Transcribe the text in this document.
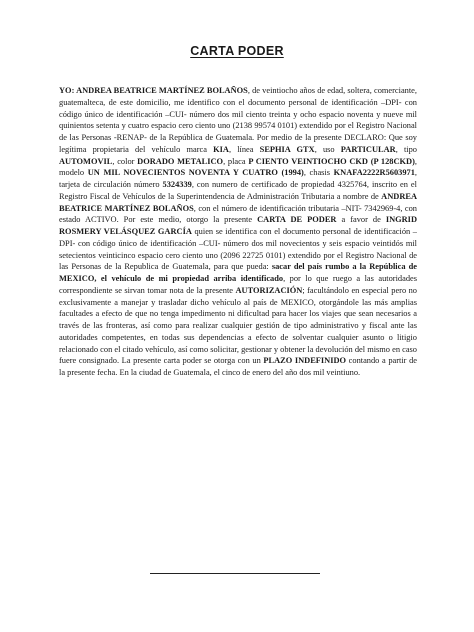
CARTA PODER

YO: ANDREA BEATRICE MARTÍNEZ BOLAÑOS, de veintiocho años de edad, soltera, comerciante, guatemalteca, de este domicilio, me identifico con el documento personal de identificación –DPI- con código único de identificación –CUI- número dos mil ciento treinta y ocho espacio noventa y nueve mil quinientos setenta y cuatro espacio cero ciento uno (2138 99574 0101) extendido por el Registro Nacional de las Personas -RENAP- de la República de Guatemala. Por medio de la presente DECLARO: Que soy legítima propietaria del vehículo marca KIA, línea SEPHIA GTX, uso PARTICULAR, tipo AUTOMOVIL, color DORADO METALICO, placa P CIENTO VEINTIOCHO CKD (P 128CKD), modelo UN MIL NOVECIENTOS NOVENTA Y CUATRO (1994), chasis KNAFA2222R5603971, tarjeta de circulación número 5324339, con numero de certificado de propiedad 4325764, inscrito en el Registro Fiscal de Vehículos de la Superintendencia de Administración Tributaria a nombre de ANDREA BEATRICE MARTÍNEZ BOLAÑOS, con el número de identificación tributaria –NIT- 7342969-4, con estado ACTIVO. Por este medio, otorgo la presente CARTA DE PODER a favor de INGRID ROSMERY VELÁSQUEZ GARCÍA quien se identifica con el documento personal de identificación –DPI- con código único de identificación –CUI- número dos mil novecientos y seis espacio veintidós mil setecientos veinticinco espacio cero ciento uno (2096 22725 0101) extendido por el Registro Nacional de las Personas de la Republica de Guatemala, para que pueda: sacar del país rumbo a la República de MEXICO, el vehículo de mi propiedad arriba identificado, por lo que ruego a las autoridades correspondiente se sirvan tomar nota de la presente AUTORIZACIÓN; facultándolo en especial pero no exclusivamente a manejar y trasladar dicho vehículo al país de MEXICO, otorgándole las más amplias facultades a efecto de que no tenga impedimento ni dificultad para hacer los viajes que sean necesarios a través de las fronteras, así como para realizar cualquier gestión de tipo administrativo y fiscal ante las autoridades competentes, en todas sus dependencias a efecto de solventar cualquier asunto o litigio relacionado con el citado vehículo, así como solicitar, gestionar y obtener la devolución del mismo en caso fuere consignado. La presente carta poder se otorga con un PLAZO INDEFINIDO contando a partir de la presente fecha. En la ciudad de Guatemala, el cinco de enero del año dos mil veintiuno.
